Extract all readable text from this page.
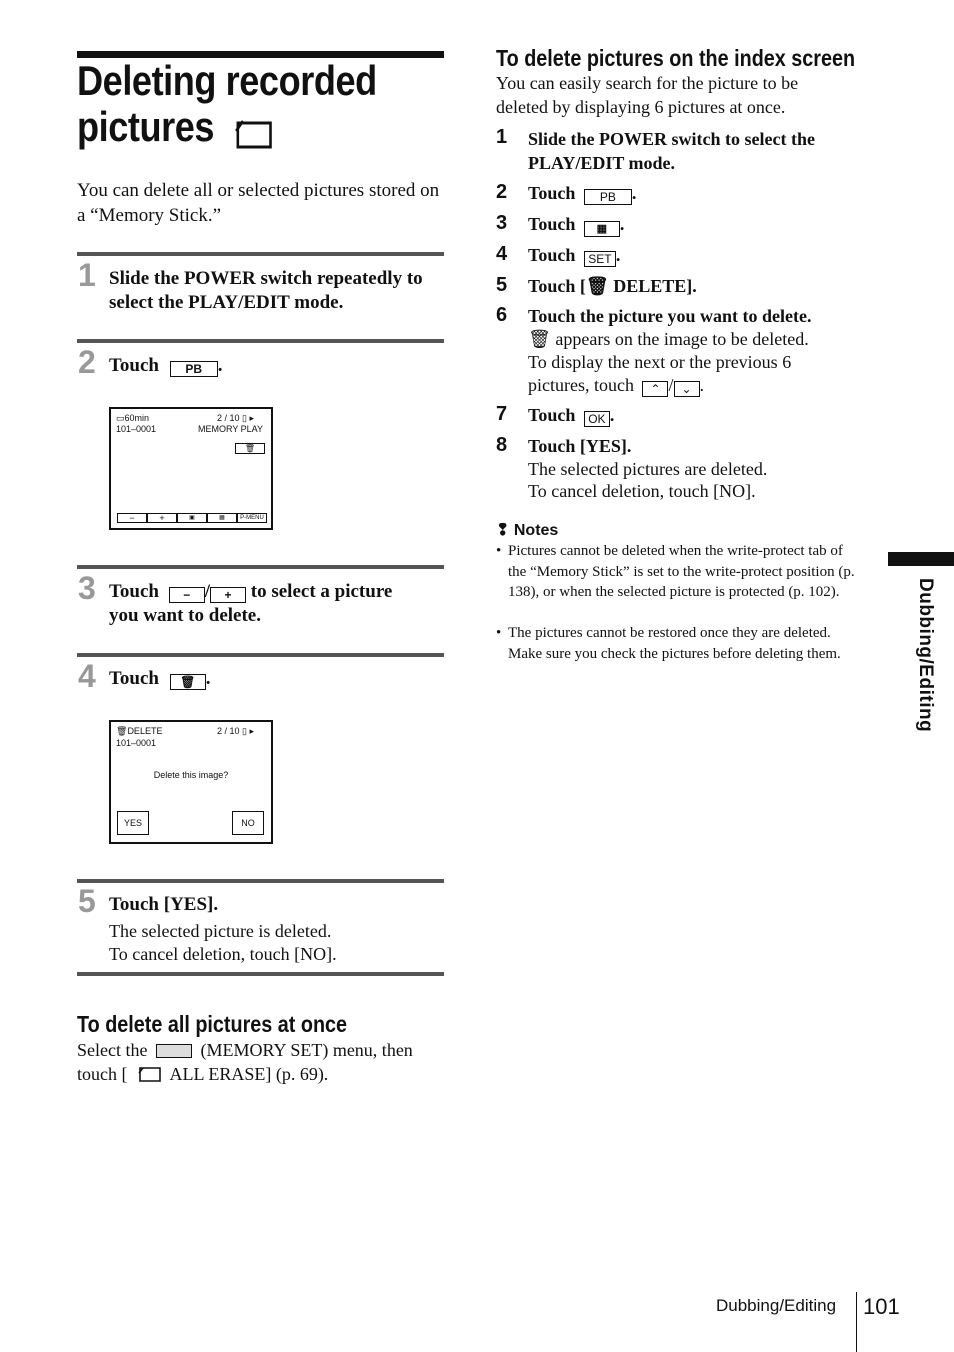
Deleting recorded
pictures
You can delete all or selected pictures stored on a “Memory Stick.”
1 Slide the POWER switch repeatedly to select the PLAY/EDIT mode.
2 Touch PB .
▭60min	2 / 10 ▯ ▸
101–0001	MEMORY PLAY
🗑
−	+	▣	▦	P-MENU
3 Touch − / + to select a picture
you want to delete.
4 Touch 🗑 .
🗑DELETE	2 / 10 ▯ ▸
101–0001
Delete this image?
YES	NO
5 Touch [YES].
The selected picture is deleted.
To cancel deletion, touch [NO].
To delete all pictures at once
Select the	(MEMORY SET) menu, then
touch [ ALL ERASE] (p. 69).
To delete pictures on the index screen
You can easily search for the picture to be
deleted by displaying 6 pictures at once.
1 Slide the POWER switch to select the PLAY/EDIT mode.
2 Touch PB .
3 Touch ▦ .
4 Touch SET .
5 Touch [🗑 DELETE].
6 Touch the picture you want to delete.
🗑 appears on the image to be deleted.
To display the next or the previous 6
pictures, touch ⌃ / ⌄ .
7 Touch OK .
8 Touch [YES].
The selected pictures are deleted.
To cancel deletion, touch [NO].
❢ Notes
• Pictures cannot be deleted when the write-protect tab of the “Memory Stick” is set to the write-protect position (p. 138), or when the selected picture is protected (p. 102).
• The pictures cannot be restored once they are deleted. Make sure you check the pictures before deleting them.	Dubbing/Editing
Dubbing/Editing 101
